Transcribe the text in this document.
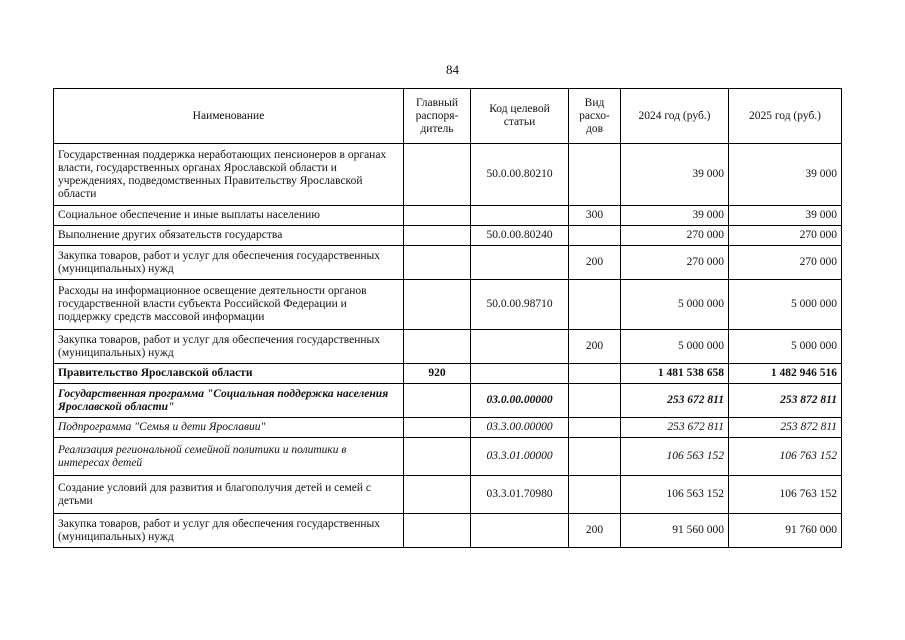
84
Наименование	Главный распоря-дитель	Код целевой статьи	Вид расхо-дов	2024 год (руб.)	2025 год (руб.)
Государственная поддержка неработающих пенсионеров в органах власти, государственных органах Ярославской области и учреждениях, подведомственных Правительству Ярославской области		50.0.00.80210		39 000	39 000
Социальное обеспечение и иные выплаты населению			300	39 000	39 000
Выполнение других обязательств государства		50.0.00.80240		270 000	270 000
Закупка товаров, работ и услуг для обеспечения государственных (муниципальных) нужд			200	270 000	270 000
Расходы на информационное освещение деятельности органов государственной власти субъекта Российской Федерации и поддержку средств массовой информации		50.0.00.98710		5 000 000	5 000 000
Закупка товаров, работ и услуг для обеспечения государственных (муниципальных) нужд			200	5 000 000	5 000 000
Правительство Ярославской области	920			1 481 538 658	1 482 946 516
Государственная программа "Социальная поддержка населения Ярославской области"		03.0.00.00000		253 672 811	253 872 811
Подпрограмма "Семья и дети Ярославии"		03.3.00.00000		253 672 811	253 872 811
Реализация региональной семейной политики и политики в интересах детей		03.3.01.00000		106 563 152	106 763 152
Создание условий для развития и благополучия детей и семей с детьми		03.3.01.70980		106 563 152	106 763 152
Закупка товаров, работ и услуг для обеспечения государственных (муниципальных) нужд			200	91 560 000	91 760 000
